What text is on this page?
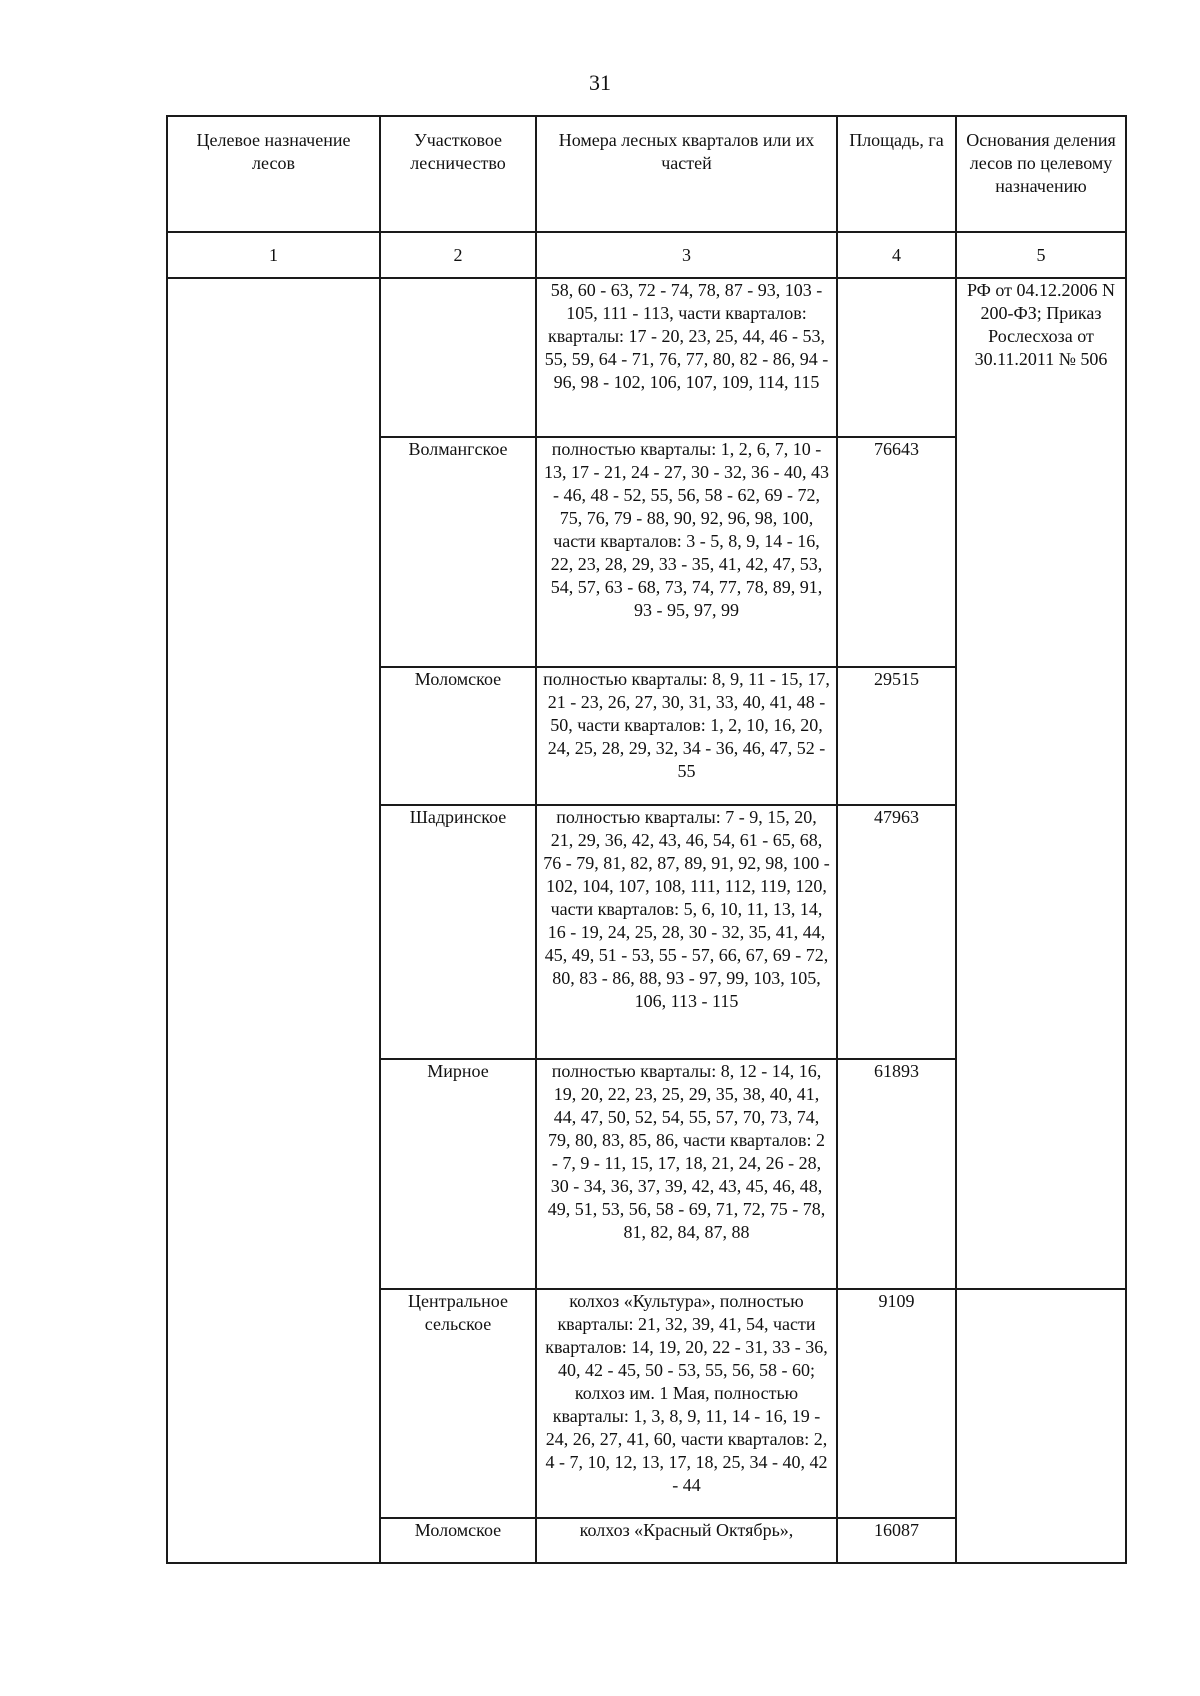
31
Целевое назначение лесов	Участковое лесничество	Номера лесных кварталов или их частей	Площадь, га	Основания деления лесов по целевому назначению
1	2	3	4	5
		58, 60 - 63, 72 - 74, 78, 87 - 93, 103 - 105, 111 - 113, части кварталов: кварталы: 17 - 20, 23, 25, 44, 46 - 53, 55, 59, 64 - 71, 76, 77, 80, 82 - 86, 94 - 96, 98 - 102, 106, 107, 109, 114, 115		РФ от 04.12.2006 N 200-ФЗ; Приказ Рослесхоза от 30.11.2011 № 506
	Волмангское	полностью кварталы: 1, 2, 6, 7, 10 - 13, 17 - 21, 24 - 27, 30 - 32, 36 - 40, 43 - 46, 48 - 52, 55, 56, 58 - 62, 69 - 72, 75, 76, 79 - 88, 90, 92, 96, 98, 100, части кварталов: 3 - 5, 8, 9, 14 - 16, 22, 23, 28, 29, 33 - 35, 41, 42, 47, 53, 54, 57, 63 - 68, 73, 74, 77, 78, 89, 91, 93 - 95, 97, 99	76643	
	Моломское	полностью кварталы: 8, 9, 11 - 15, 17, 21 - 23, 26, 27, 30, 31, 33, 40, 41, 48 - 50, части кварталов: 1, 2, 10, 16, 20, 24, 25, 28, 29, 32, 34 - 36, 46, 47, 52 - 55	29515	
	Шадринское	полностью кварталы: 7 - 9, 15, 20, 21, 29, 36, 42, 43, 46, 54, 61 - 65, 68, 76 - 79, 81, 82, 87, 89, 91, 92, 98, 100 - 102, 104, 107, 108, 111, 112, 119, 120, части кварталов: 5, 6, 10, 11, 13, 14, 16 - 19, 24, 25, 28, 30 - 32, 35, 41, 44, 45, 49, 51 - 53, 55 - 57, 66, 67, 69 - 72, 80, 83 - 86, 88, 93 - 97, 99, 103, 105, 106, 113 - 115	47963	
	Мирное	полностью кварталы: 8, 12 - 14, 16, 19, 20, 22, 23, 25, 29, 35, 38, 40, 41, 44, 47, 50, 52, 54, 55, 57, 70, 73, 74, 79, 80, 83, 85, 86, части кварталов: 2 - 7, 9 - 11, 15, 17, 18, 21, 24, 26 - 28, 30 - 34, 36, 37, 39, 42, 43, 45, 46, 48, 49, 51, 53, 56, 58 - 69, 71, 72, 75 - 78, 81, 82, 84, 87, 88	61893	
	Центральное сельское	колхоз «Культура», полностью кварталы: 21, 32, 39, 41, 54, части кварталов: 14, 19, 20, 22 - 31, 33 - 36, 40, 42 - 45, 50 - 53, 55, 56, 58 - 60; колхоз им. 1 Мая, полностью кварталы: 1, 3, 8, 9, 11, 14 - 16, 19 - 24, 26, 27, 41, 60, части кварталов: 2, 4 - 7, 10, 12, 13, 17, 18, 25, 34 - 40, 42 - 44	9109	
	Моломское	колхоз «Красный Октябрь»,	16087	
